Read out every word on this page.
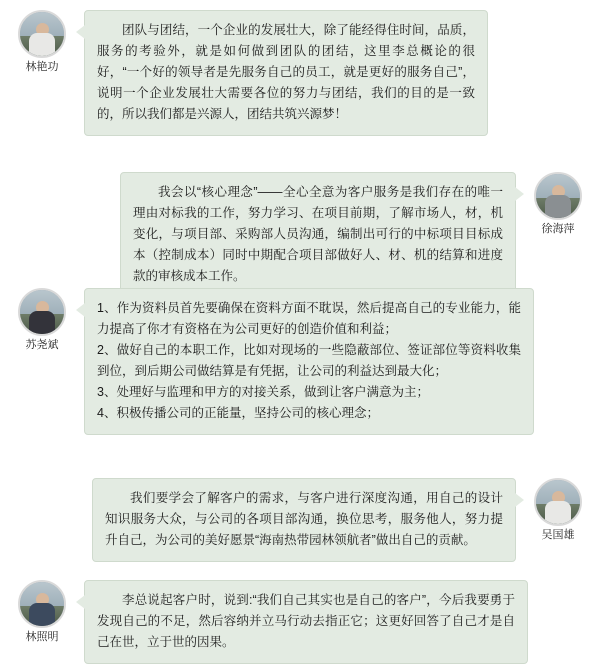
林艳功

团队与团结，一个企业的发展壮大，除了能经得住时间，品质，服务的考验外，就是如何做到团队的团结，这里李总概论的很好，“一个好的领导者是先服务自己的员工，就是更好的服务自己”，说明一个企业发展壮大需要各位的努力与团结，我们的目的是一致的，所以我们都是兴源人，团结共筑兴源梦！

徐海萍

我会以“核心理念”——全心全意为客户服务是我们存在的唯一理由对标我的工作，努力学习、在项目前期，了解市场人，材，机变化，与项目部、采购部人员沟通，编制出可行的中标项目目标成本（控制成本）同时中期配合项目部做好人、材、机的结算和进度款的审核成本工作。

苏尧斌

1、作为资料员首先要确保在资料方面不耽误，然后提高自己的专业能力，能力提高了你才有资格在为公司更好的创造价值和利益；

2、做好自己的本职工作，比如对现场的一些隐蔽部位、签证部位等资料收集到位，到后期公司做结算是有凭据，让公司的利益达到最大化；

3、处理好与监理和甲方的对接关系，做到让客户满意为主；

4、积极传播公司的正能量，坚持公司的核心理念；

吴国雄

我们要学会了解客户的需求，与客户进行深度沟通，用自己的设计知识服务大众，与公司的各项目部沟通，换位思考，服务他人，努力提升自己，为公司的美好愿景“海南热带园林领航者”做出自己的贡献。

林照明

李总说起客户时，说到:“我们自己其实也是自己的客户”，今后我要勇于发现自己的不足，然后容纳并立马行动去指正它；这更好回答了自己才是自己在世，立于世的因果。
